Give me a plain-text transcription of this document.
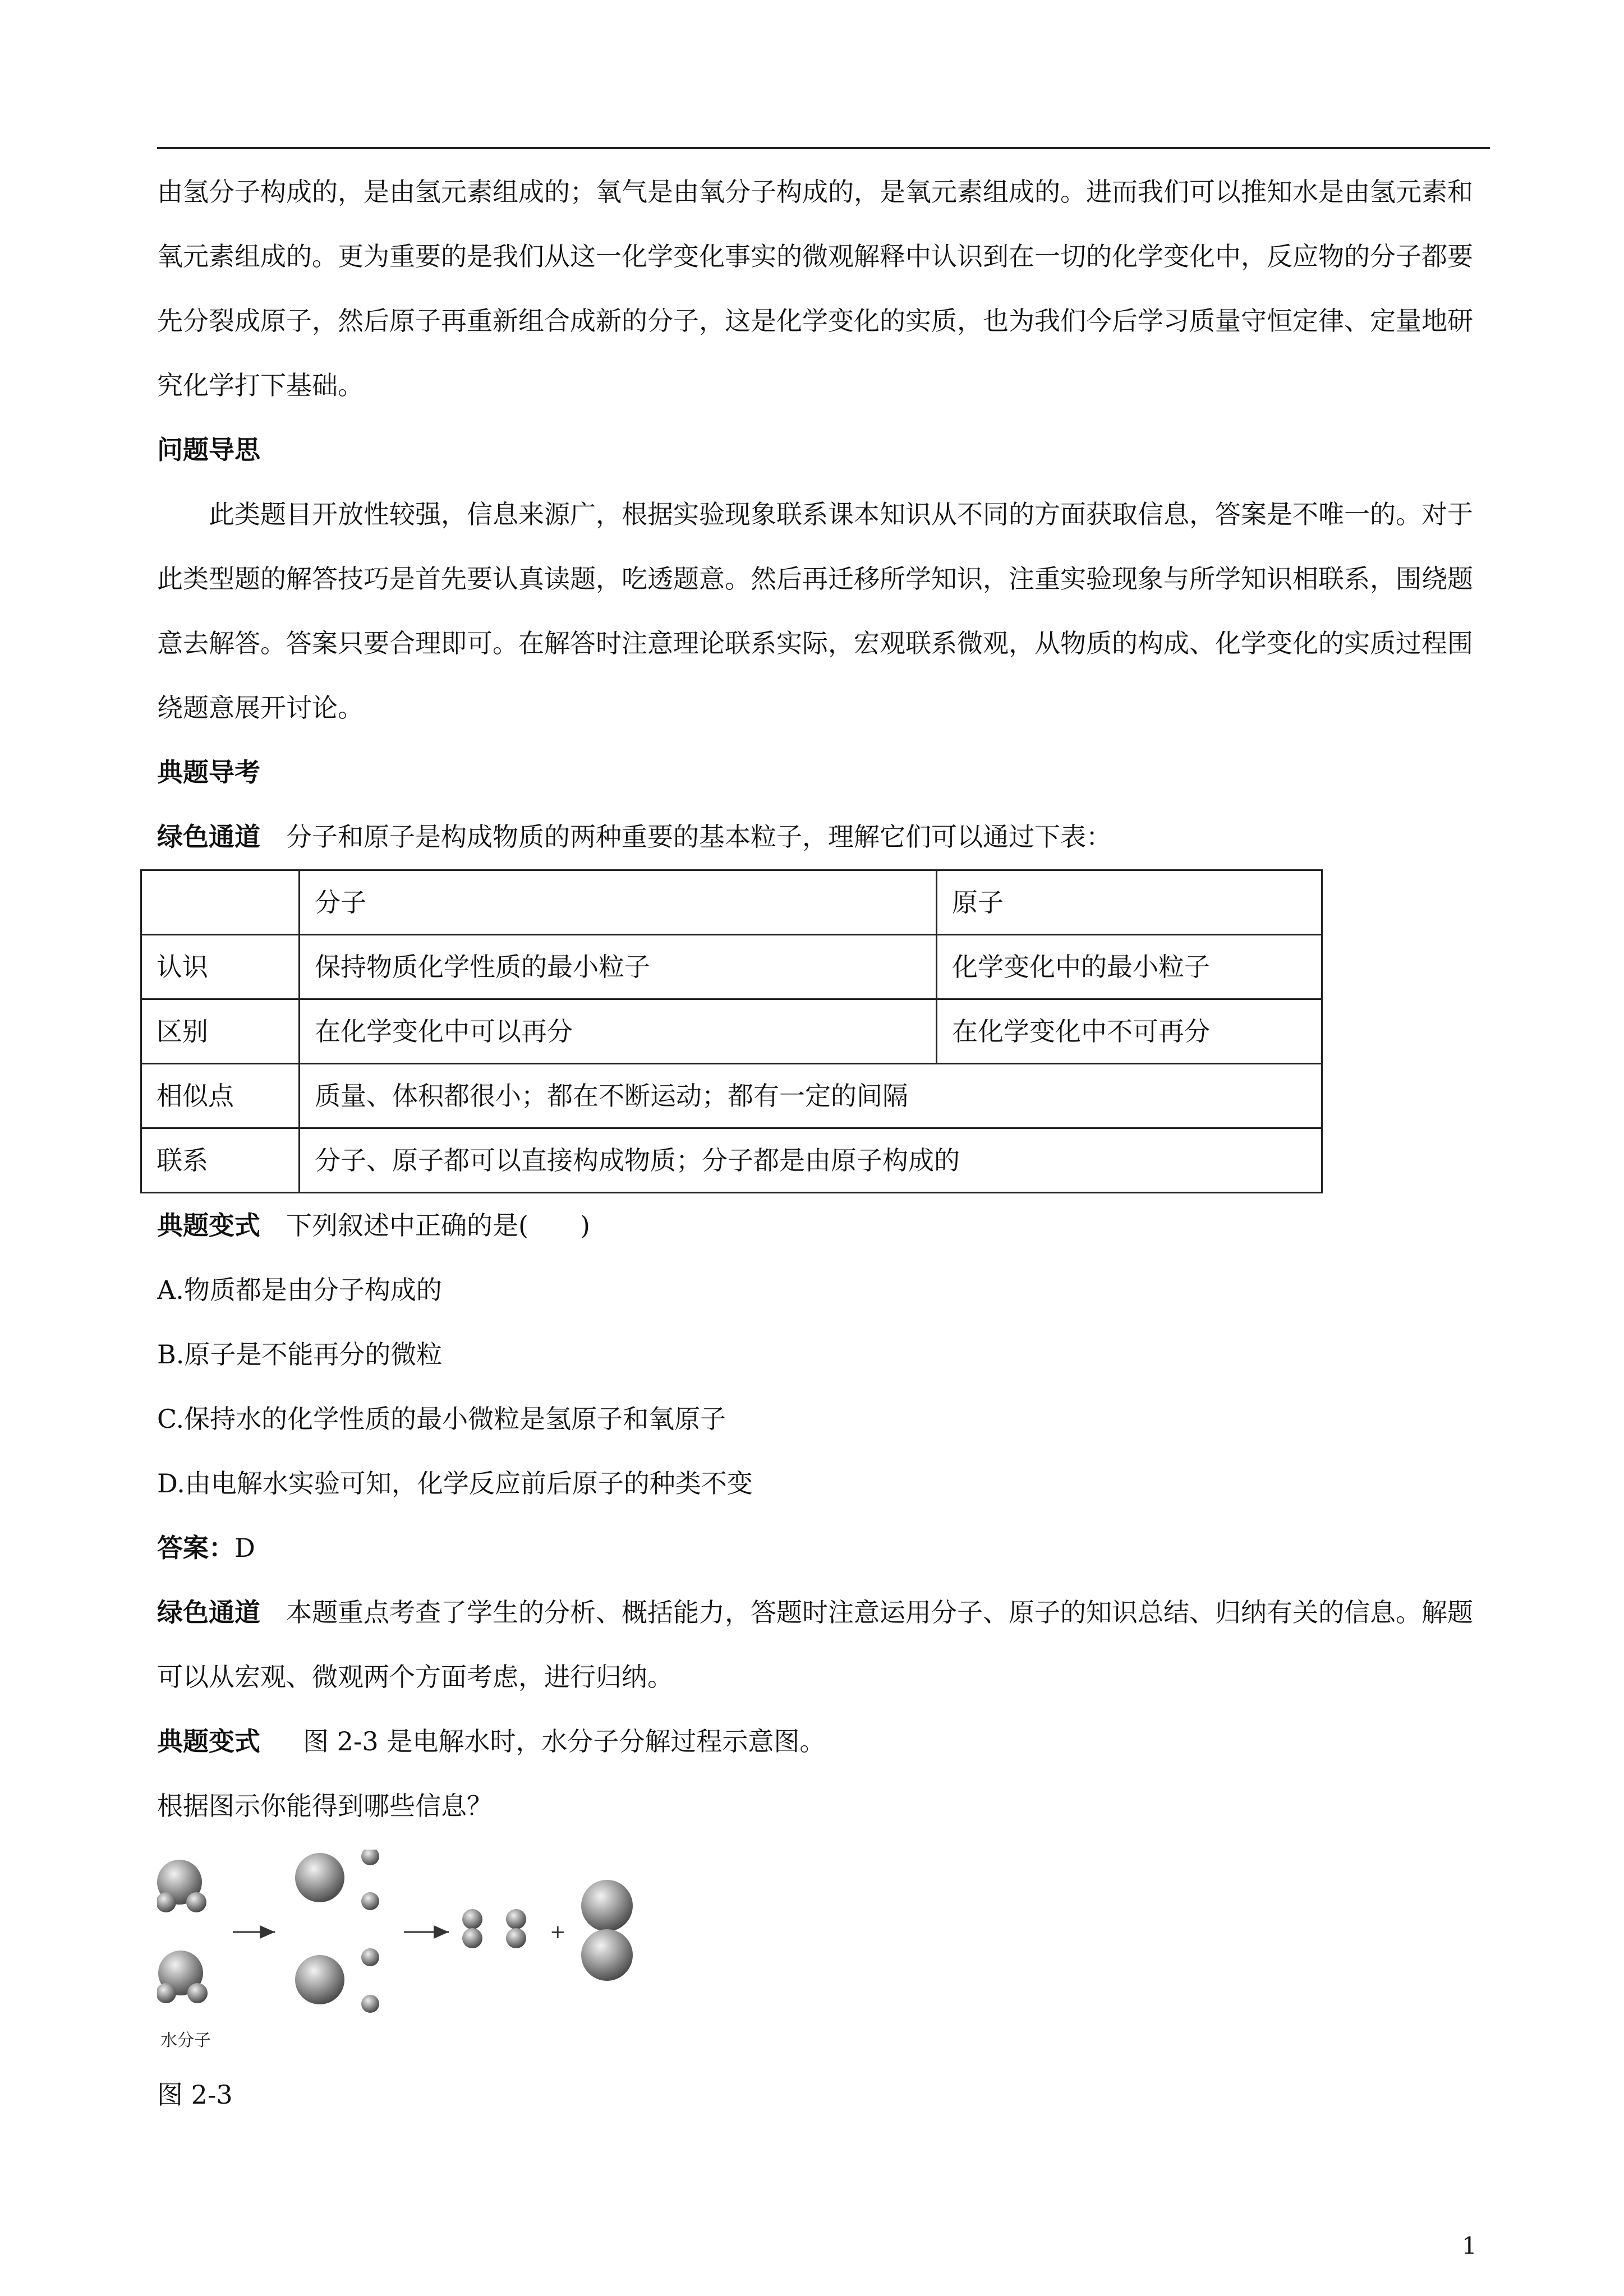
由氢分子构成的，是由氢元素组成的；氧气是由氧分子构成的，是氧元素组成的。进而我们可以推知水是由氢元素和氧元素组成的。更为重要的是我们从这一化学变化事实的微观解释中认识到在一切的化学变化中，反应物的分子都要先分裂成原子，然后原子再重新组合成新的分子，这是化学变化的实质，也为我们今后学习质量守恒定律、定量地研究化学打下基础。

问题导思

此类题目开放性较强，信息来源广，根据实验现象联系课本知识从不同的方面获取信息，答案是不唯一的。对于此类型题的解答技巧是首先要认真读题，吃透题意。然后再迁移所学知识，注重实验现象与所学知识相联系，围绕题意去解答。答案只要合理即可。在解答时注意理论联系实际，宏观联系微观，从物质的构成、化学变化的实质过程围绕题意展开讨论。

典题导考

绿色通道 分子和原子是构成物质的两种重要的基本粒子，理解它们可以通过下表：

	分子	原子
认识	保持物质化学性质的最小粒子	化学变化中的最小粒子
区别	在化学变化中可以再分	在化学变化中不可再分
相似点	质量、体积都很小；都在不断运动；都有一定的间隔	
联系	分子、原子都可以直接构成物质；分子都是由原子构成的	

典题变式 下列叙述中正确的是(　　)

A.物质都是由分子构成的

B.原子是不能再分的微粒

C.保持水的化学性质的最小微粒是氢原子和氧原子

D.由电解水实验可知，化学反应前后原子的种类不变

答案：D

绿色通道 本题重点考查了学生的分析、概括能力，答题时注意运用分子、原子的知识总结、归纳有关的信息。解题可以从宏观、微观两个方面考虑，进行归纳。

典题变式 图 2-3 是电解水时，水分子分解过程示意图。

根据图示你能得到哪些信息？

+
水分子

图 2-3

1
